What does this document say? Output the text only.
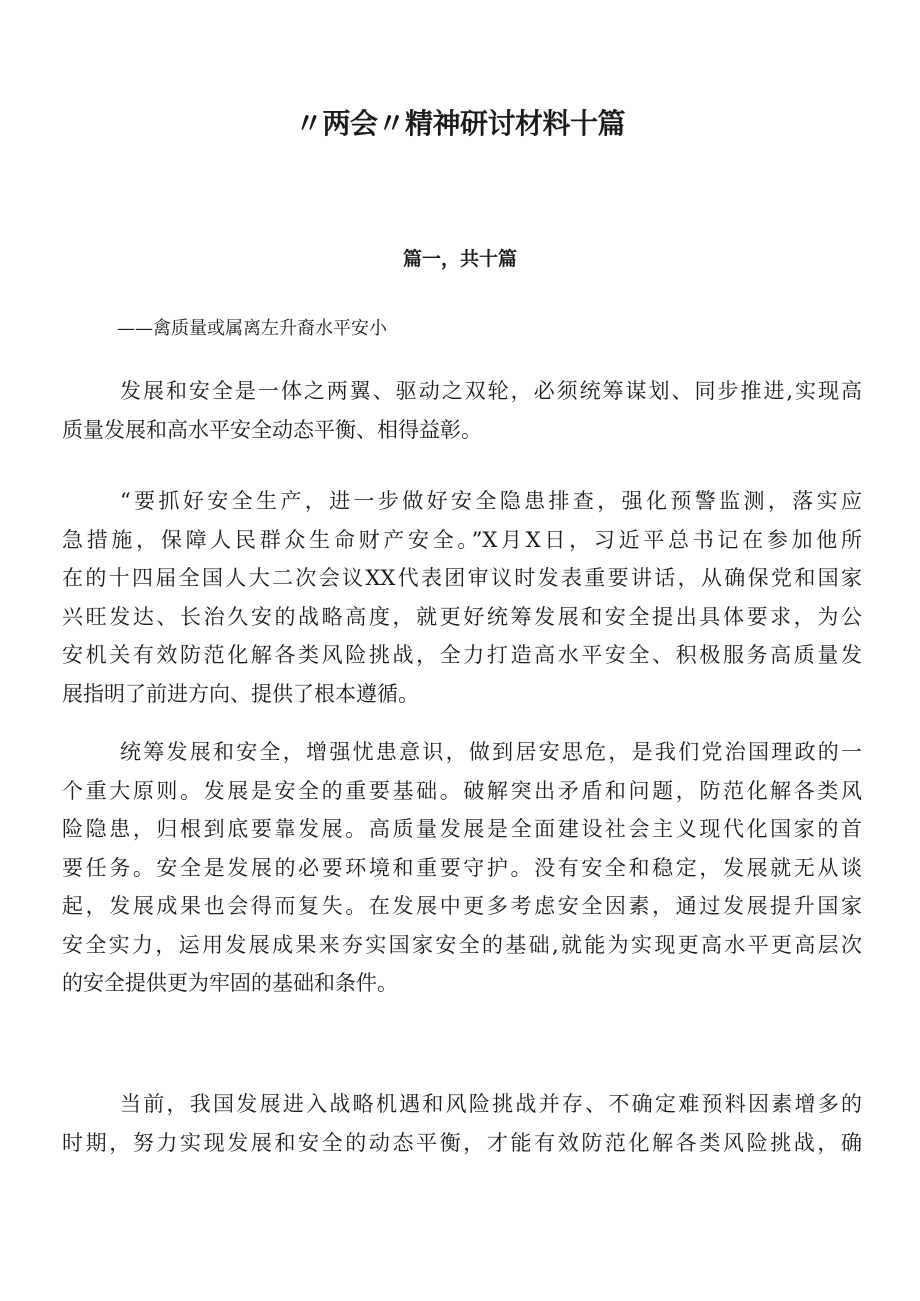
〃两会〃精神研讨材料十篇
篇一，共十篇
——禽质量或属离左升裔水平安小

发展和安全是一体之两翼、驱动之双轮，必须统筹谋划、同步推进,实现高
质量发展和高水平安全动态平衡、相得益彰。

“要抓好安全生产，进一步做好安全隐患排查，强化预警监测，落实应
急措施，保障人民群众生命财产安全。”X月X日，习近平总书记在参加他所
在的十四届全国人大二次会议XX代表团审议时发表重要讲话，从确保党和国家
兴旺发达、长治久安的战略高度，就更好统筹发展和安全提出具体要求，为公
安机关有效防范化解各类风险挑战，全力打造高水平安全、积极服务高质量发
展指明了前进方向、提供了根本遵循。

统筹发展和安全，增强忧患意识，做到居安思危，是我们党治国理政的一
个重大原则。发展是安全的重要基础。破解突出矛盾和问题，防范化解各类风
险隐患，归根到底要靠发展。高质量发展是全面建设社会主义现代化国家的首
要任务。安全是发展的必要环境和重要守护。没有安全和稳定，发展就无从谈
起，发展成果也会得而复失。在发展中更多考虑安全因素，通过发展提升国家
安全实力，运用发展成果来夯实国家安全的基础,就能为实现更高水平更高层次
的安全提供更为牢固的基础和条件。

当前，我国发展进入战略机遇和风险挑战并存、不确定难预料因素增多的
时期，努力实现发展和安全的动态平衡，才能有效防范化解各类风险挑战，确
